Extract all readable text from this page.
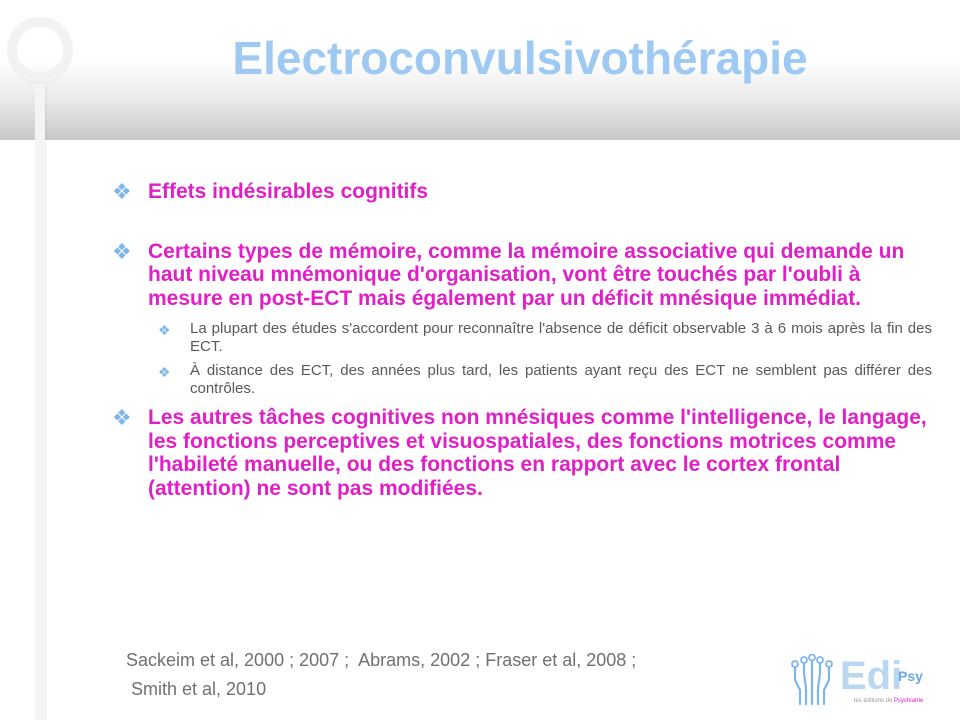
Electroconvulsivothérapie
❖ Effets indésirables cognitifs
❖ Certains types de mémoire, comme la mémoire associative qui demande un haut niveau mnémonique d'organisation, vont être touchés par l'oubli à mesure en post-ECT mais également par un déficit mnésique immédiat.
❖ La plupart des études s'accordent pour reconnaître l'absence de déficit observable 3 à 6 mois après la fin des ECT.
❖ À distance des ECT, des années plus tard, les patients ayant reçu des ECT ne semblent pas différer des contrôles.
❖ Les autres tâches cognitives non mnésiques comme l'intelligence, le langage, les fonctions perceptives et visuospatiales, des fonctions motrices comme l'habileté manuelle, ou des fonctions en rapport avec le cortex frontal (attention) ne sont pas modifiées.
Sackeim et al, 2000 ; 2007 ;  Abrams, 2002 ; Fraser et al, 2008 ;
Smith et al, 2010	Edi
Psy
les éditions de Psychiatrie
